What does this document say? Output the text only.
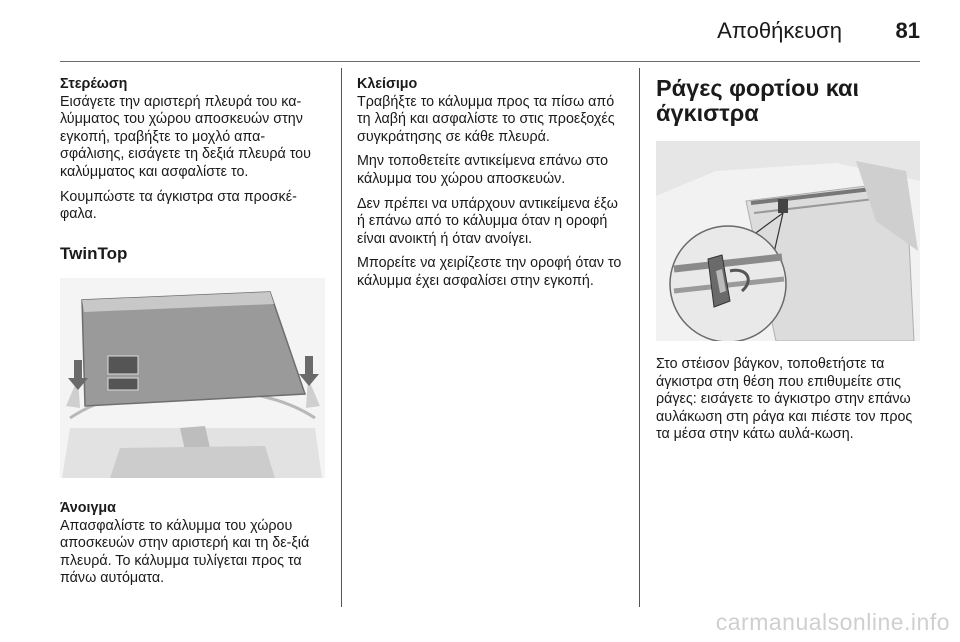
Αποθήκευση 81
Στερέωση

Εισάγετε την αριστερή πλευρά του κα-λύμματος του χώρου αποσκευών στην εγκοπή, τραβήξτε το μοχλό απα-σφάλισης, εισάγετε τη δεξιά πλευρά του καλύμματος και ασφαλίστε το.

Κουμπώστε τα άγκιστρα στα προσκέ-φαλα.

TwinTop
Άνοιγμα

Απασφαλίστε το κάλυμμα του χώρου αποσκευών στην αριστερή και τη δε-ξιά πλευρά. Το κάλυμμα τυλίγεται προς τα πάνω αυτόματα.

Κλείσιμο

Τραβήξτε το κάλυμμα προς τα πίσω από τη λαβή και ασφαλίστε το στις προεξοχές συγκράτησης σε κάθε πλευρά.

Μην τοποθετείτε αντικείμενα επάνω στο κάλυμμα του χώρου αποσκευών.

Δεν πρέπει να υπάρχουν αντικείμενα έξω ή επάνω από το κάλυμμα όταν η οροφή είναι ανοικτή ή όταν ανοίγει.

Μπορείτε να χειρίζεστε την οροφή όταν το κάλυμμα έχει ασφαλίσει στην εγκοπή.

Ράγες φορτίου και άγκιστρα

Στο στέισον βάγκον, τοποθετήστε τα άγκιστρα στη θέση που επιθυμείτε στις ράγες: εισάγετε το άγκιστρο στην επάνω αυλάκωση στη ράγα και πιέστε τον προς τα μέσα στην κάτω αυλά-κωση.

carmanualsonline.info
